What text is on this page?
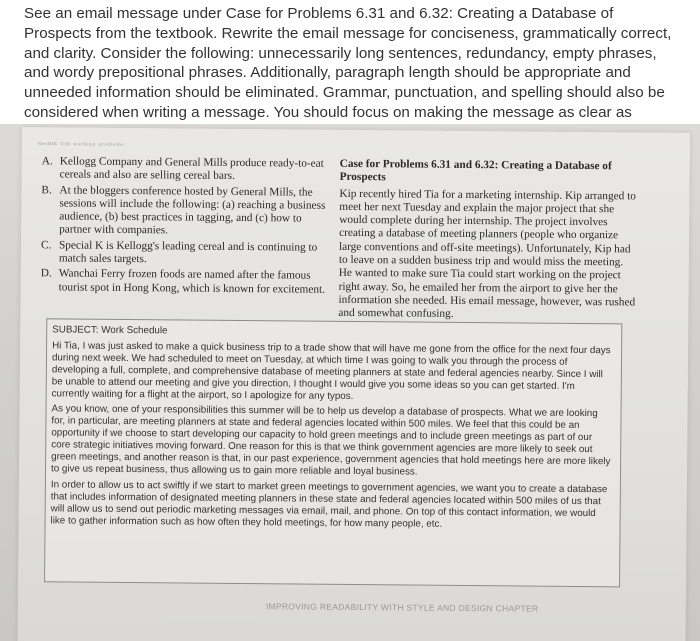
See an email message under Case for Problems 6.31 and 6.32: Creating a Database of Prospects from the textbook. Rewrite the email message for conciseness, grammatically correct, and clarity. Consider the following: unnecessarily long sentences, redundancy, empty phrases, and wordy prepositional phrases. Additionally, paragraph length should be appropriate and unneeded information should be eliminated. Grammar, punctuation, and spelling should also be considered when writing a message. You should focus on making the message as clear as

ᴺᵉᵗᴵᴿᴷ ᵁᴵᴿ ʷᵒʳᵏⁱⁿᵍ ᵖʳᵒᵇˡᵉᵐˢ
A. Kellogg Company and General Mills produce ready-to-eat cereals and also are selling cereal bars.
B. At the bloggers conference hosted by General Mills, the sessions will include the following: (a) reaching a business audience, (b) best practices in tagging, and (c) how to partner with companies.
C. Special K is Kellogg's leading cereal and is continuing to match sales targets.
D. Wanchai Ferry frozen foods are named after the famous tourist spot in Hong Kong, which is known for excitement.
Case for Problems 6.31 and 6.32: Creating a Database of Prospects
Kip recently hired Tia for a marketing internship. Kip arranged to meet her next Tuesday and explain the major project that she would complete during her internship. The project involves creating a database of meeting planners (people who organize large conventions and off-site meetings). Unfortunately, Kip had to leave on a sudden business trip and would miss the meeting. He wanted to make sure Tia could start working on the project right away. So, he emailed her from the airport to give her the information she needed. His email message, however, was rushed and somewhat confusing.

SUBJECT: Work Schedule

Hi Tia, I was just asked to make a quick business trip to a trade show that will have me gone from the office for the next four days during next week. We had scheduled to meet on Tuesday, at which time I was going to walk you through the process of developing a full, complete, and comprehensive database of meeting planners at state and federal agencies nearby. Since I will be unable to attend our meeting and give you direction, I thought I would give you some ideas so you can get started. I'm currently waiting for a flight at the airport, so I apologize for any typos.

As you know, one of your responsibilities this summer will be to help us develop a database of prospects. What we are looking for, in particular, are meeting planners at state and federal agencies located within 500 miles. We feel that this could be an opportunity if we choose to start developing our capacity to hold green meetings and to include green meetings as part of our core strategic initiatives moving forward. One reason for this is that we think government agencies are more likely to seek out green meetings, and another reason is that, in our past experience, government agencies that hold meetings here are more likely to give us repeat business, thus allowing us to gain more reliable and loyal business.

In order to allow us to act swiftly if we start to market green meetings to government agencies, we want you to create a database that includes information of designated meeting planners in these state and federal agencies located within 500 miles of us that will allow us to send out periodic marketing messages via email, mail, and phone. On top of this contact information, we would like to gather information such as how often they hold meetings, for how many people, etc.

IMPROVING READABILITY WITH STYLE AND DESIGN CHAPTER
